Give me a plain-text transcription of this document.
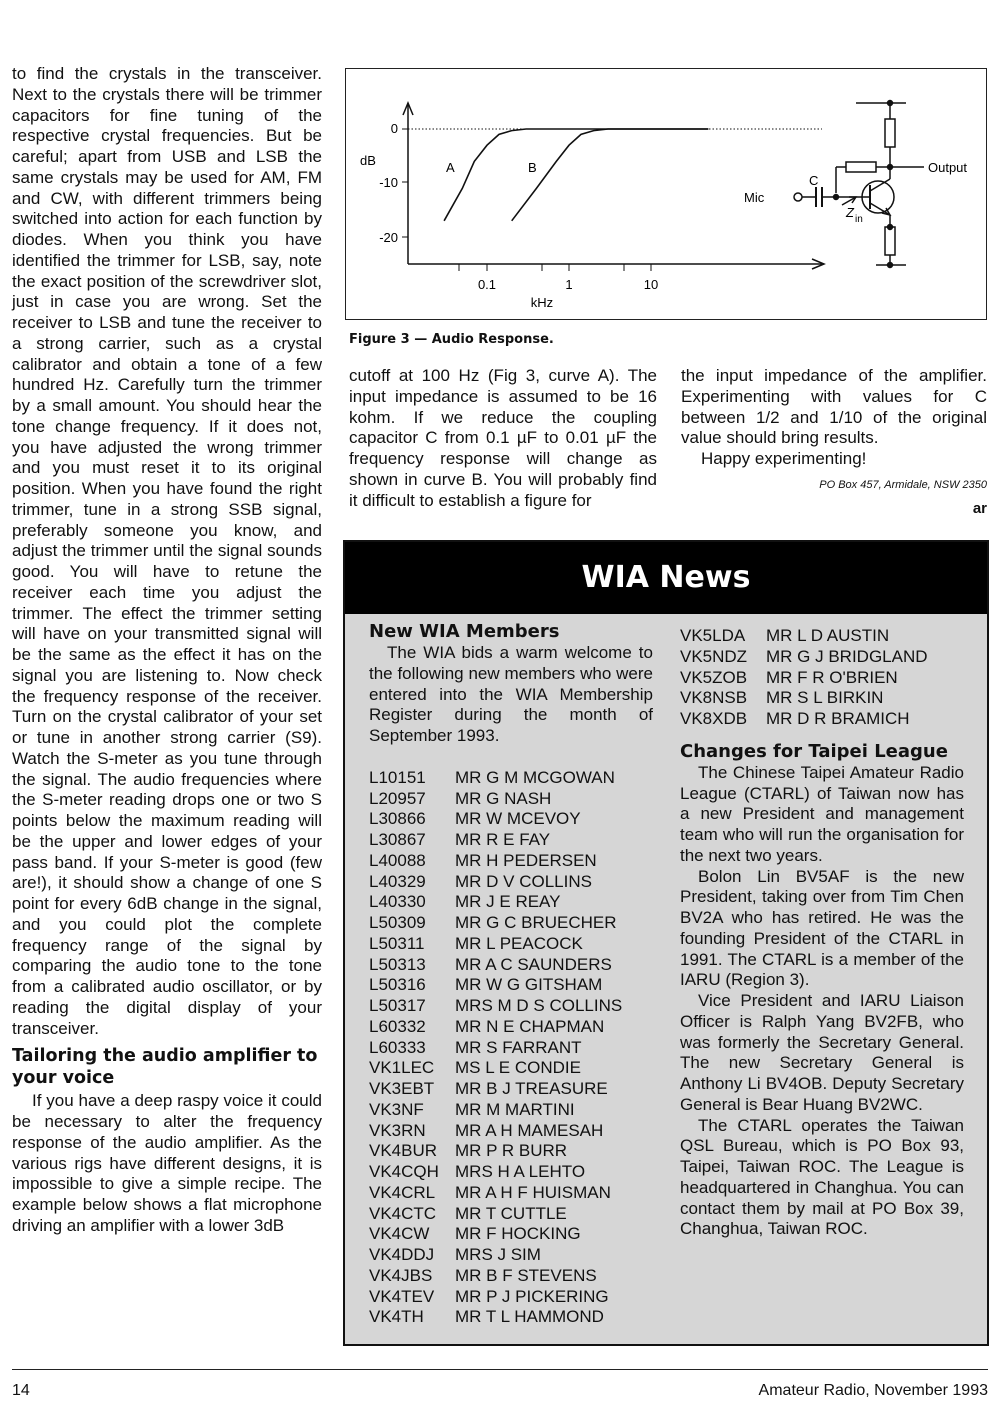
to find the crystals in the transceiver. Next to the crystals there will be trimmer capacitors for fine tuning of the respective crystal frequencies. But be careful; apart from USB and LSB the same crystals may be used for AM, FM and CW, with different trimmers being switched into action for each function by diodes. When you think you have identified the trimmer for LSB, say, note the exact position of the screwdriver slot, just in case you are wrong. Set the receiver to LSB and tune the receiver to a strong carrier, such as a crystal calibrator and obtain a tone of a few hundred Hz. Carefully turn the trimmer by a small amount. You should hear the tone change frequency. If it does not, you have adjusted the wrong trimmer and you must reset it to its original position. When you have found the right trimmer, tune in a strong SSB signal, preferably someone you know, and adjust the trimmer until the signal sounds good. You will have to retune the receiver each time you adjust the trimmer. The effect the trimmer setting will have on your transmitted signal will be the same as the effect it has on the signal you are listening to. Now check the frequency response of the receiver. Turn on the crystal calibrator of your set or tune in another strong carrier (S9). Watch the S-meter as you tune through the signal. The audio frequencies where the S-meter reading drops one or two S points below the maximum reading will be the upper and lower edges of your pass band. If your S-meter is good (few are!), it should show a change of one S point for every 6dB change in the signal, and you could plot the complete frequency range of the signal by comparing the audio tone to the tone from a calibrated audio oscillator, or by reading the digital display of your transceiver.

Tailoring the audio amplifier to your voice

If you have a deep raspy voice it could be necessary to alter the frequency response of the audio amplifier. As the various rigs have different designs, it is impossible to give a simple recipe. The example below shows a flat microphone driving an amplifier with a lower 3dB

0
-10
-20
dB
0.1	1	10
kHz
A	B
Mic
C
Z in
Output
Figure 3 — Audio Response.

cutoff at 100 Hz (Fig 3, curve A). The input impedance is assumed to be 16 kohm. If we reduce the coupling capacitor C from 0.1 µF to 0.01 µF the frequency response will change as shown in curve B. You will probably find it difficult to establish a figure for

the input impedance of the amplifier. Experimenting with values for C between 1/2 and 1/10 of the original value should bring results.

Happy experimenting!

PO Box 457, Armidale, NSW 2350
ar
WIA News
New WIA Members

The WIA bids a warm welcome to the following new members who were entered into the WIA Membership Register during the month of September 1993.

L10151	MR G M MCGOWAN
L20957	MR G NASH
L30866	MR W MCEVOY
L30867	MR R E FAY
L40088	MR H PEDERSEN
L40329	MR D V COLLINS
L40330	MR J E REAY
L50309	MR G C BRUECHER
L50311	MR L PEACOCK
L50313	MR A C SAUNDERS
L50316	MR W G GITSHAM
L50317	MRS M D S COLLINS
L60332	MR N E CHAPMAN
L60333	MR S FARRANT
VK1LEC	MS L E CONDIE
VK3EBT	MR B J TREASURE
VK3NF	MR M MARTINI
VK3RN	MR A H MAMESAH
VK4BUR	MR P R BURR
VK4CQH MRS H A LEHTO
VK4CRL	MR A H F HUISMAN
VK4CTC	MR T CUTTLE
VK4CW	MR F HOCKING
VK4DDJ	MRS J SIM
VK4JBS	MR B F STEVENS
VK4TEV	MR P J PICKERING
VK4TH	MR T L HAMMOND
VK5LDA	MR L D AUSTIN
VK5NDZ	MR G J BRIDGLAND
VK5ZOB	MR F R O'BRIEN
VK8NSB	MR S L BIRKIN
VK8XDB	MR D R BRAMICH
Changes for Taipei League

The Chinese Taipei Amateur Radio League (CTARL) of Taiwan now has a new President and management team who will run the organisation for the next two years.

Bolon Lin BV5AF is the new President, taking over from Tim Chen BV2A who has retired. He was the founding President of the CTARL in 1991. The CTARL is a member of the IARU (Region 3).

Vice President and IARU Liaison Officer is Ralph Yang BV2FB, who was formerly the Secretary General. The new Secretary General is Anthony Li BV4OB. Deputy Secretary General is Bear Huang BV2WC.

The CTARL operates the Taiwan QSL Bureau, which is PO Box 93, Taipei, Taiwan ROC. The League is headquartered in Changhua. You can contact them by mail at PO Box 39, Changhua, Taiwan ROC.

14	Amateur Radio, November 1993
